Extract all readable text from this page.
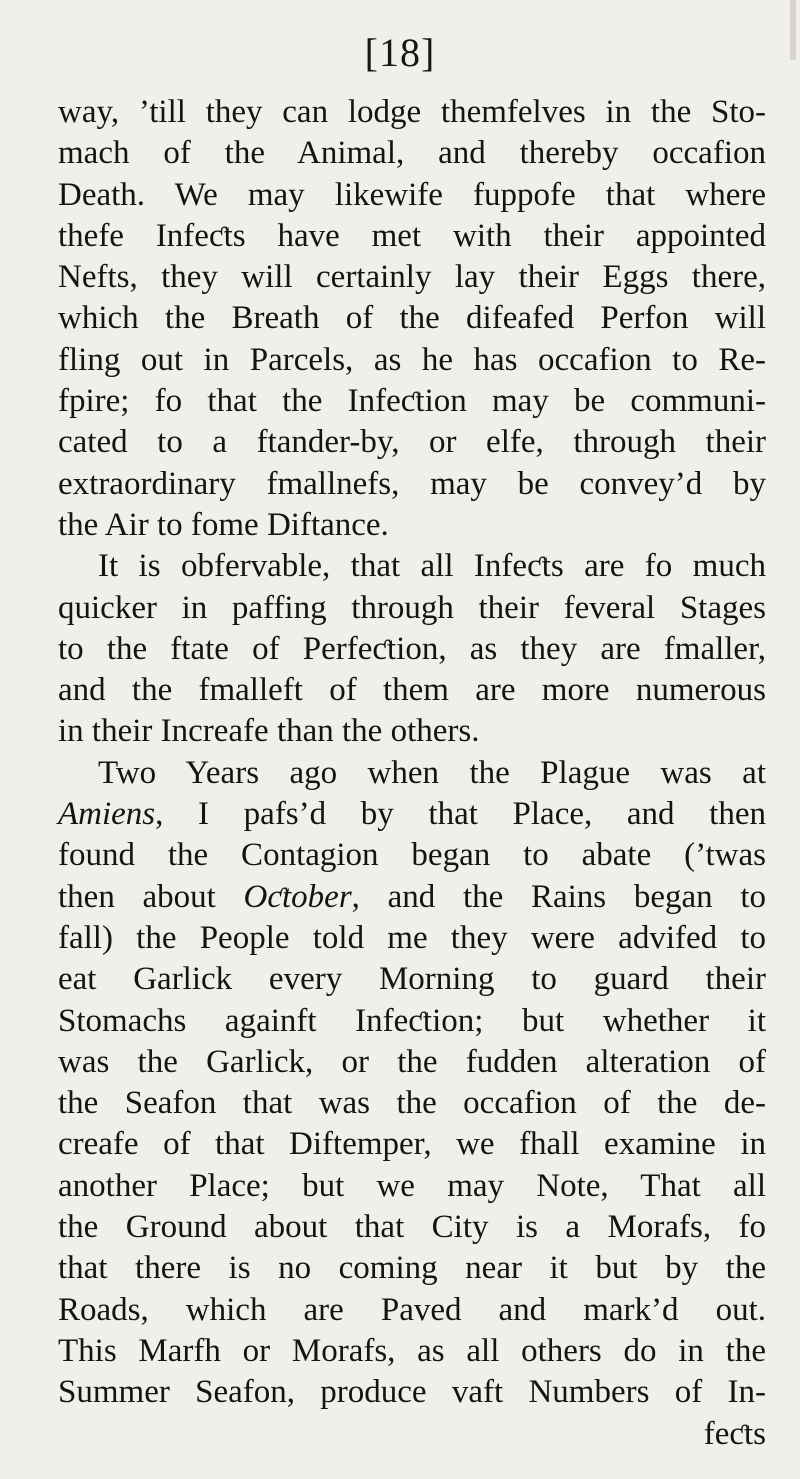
[18]
way, ’till they can lodge themfelves in the Sto-
mach of the Animal, and thereby occafion
Death. We may likewife fuppofe that where
thefe Infeƈts have met with their appointed
Nefts, they will certainly lay their Eggs there,
which the Breath of the difeafed Perfon will
fling out in Parcels, as he has occafion to Re-
fpire; fo that the Infeƈtion may be communi-
cated to a ftander-by, or elfe, through their
extraordinary fmallnefs, may be convey’d by
the Air to fome Diftance.
It is obfervable, that all Infeƈts are fo much
quicker in paffing through their feveral Stages
to the ftate of Perfeƈtion, as they are fmaller,
and the fmalleft of them are more numerous
in their Increafe than the others.
Two Years ago when the Plague was at
Amiens, I pafs’d by that Place, and then
found the Contagion began to abate (’twas
then about Oƈtober, and the Rains began to
fall) the People told me they were advifed to
eat Garlick every Morning to guard their
Stomachs againft Infeƈtion; but whether it
was the Garlick, or the fudden alteration of
the Seafon that was the occafion of the de-
creafe of that Diftemper, we fhall examine in
another Place; but we may Note, That all
the Ground about that City is a Morafs, fo
that there is no coming near it but by the
Roads, which are Paved and mark’d out.
This Marfh or Morafs, as all others do in the
Summer Seafon, produce vaft Numbers of In-
feƈts
